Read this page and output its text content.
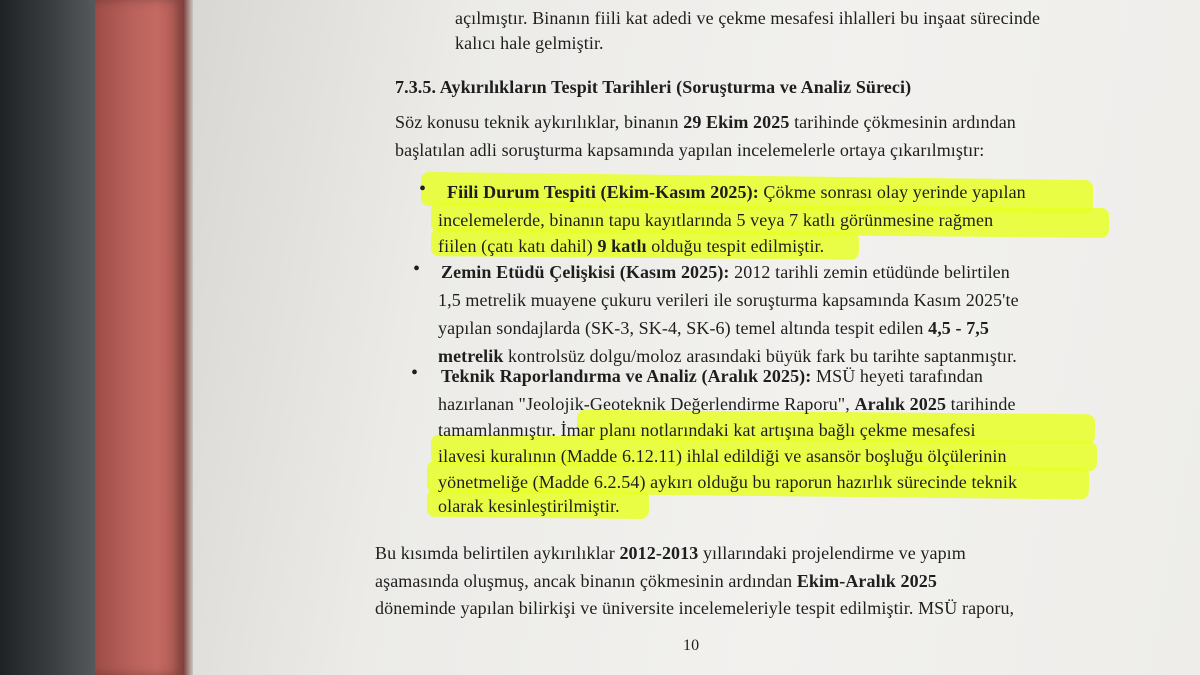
açılmıştır. Binanın fiili kat adedi ve çekme mesafesi ihlalleri bu inşaat sürecinde
kalıcı hale gelmiştir.
7.3.5. Aykırılıkların Tespit Tarihleri (Soruşturma ve Analiz Süreci)
Söz konusu teknik aykırılıklar, binanın 29 Ekim 2025 tarihinde çökmesinin ardından
başlatılan adli soruşturma kapsamında yapılan incelemelerle ortaya çıkarılmıştır:
• Fiili Durum Tespiti (Ekim-Kasım 2025): Çökme sonrası olay yerinde yapılan
incelemelerde, binanın tapu kayıtlarında 5 veya 7 katlı görünmesine rağmen
fiilen (çatı katı dahil) 9 katlı olduğu tespit edilmiştir.
• Zemin Etüdü Çelişkisi (Kasım 2025): 2012 tarihli zemin etüdünde belirtilen
1,5 metrelik muayene çukuru verileri ile soruşturma kapsamında Kasım 2025'te
yapılan sondajlarda (SK-3, SK-4, SK-6) temel altında tespit edilen 4,5 - 7,5
metrelik kontrolsüz dolgu/moloz arasındaki büyük fark bu tarihte saptanmıştır.
• Teknik Raporlandırma ve Analiz (Aralık 2025): MSÜ heyeti tarafından
hazırlanan "Jeolojik-Geoteknik Değerlendirme Raporu", Aralık 2025 tarihinde
tamamlanmıştır. İmar planı notlarındaki kat artışına bağlı çekme mesafesi
ilavesi kuralının (Madde 6.12.11) ihlal edildiği ve asansör boşluğu ölçülerinin
yönetmeliğe (Madde 6.2.54) aykırı olduğu bu raporun hazırlık sürecinde teknik
olarak kesinleştirilmiştir.
Bu kısımda belirtilen aykırılıklar 2012-2013 yıllarındaki projelendirme ve yapım
aşamasında oluşmuş, ancak binanın çökmesinin ardından Ekim-Aralık 2025
döneminde yapılan bilirkişi ve üniversite incelemeleriyle tespit edilmiştir. MSÜ raporu,
10
